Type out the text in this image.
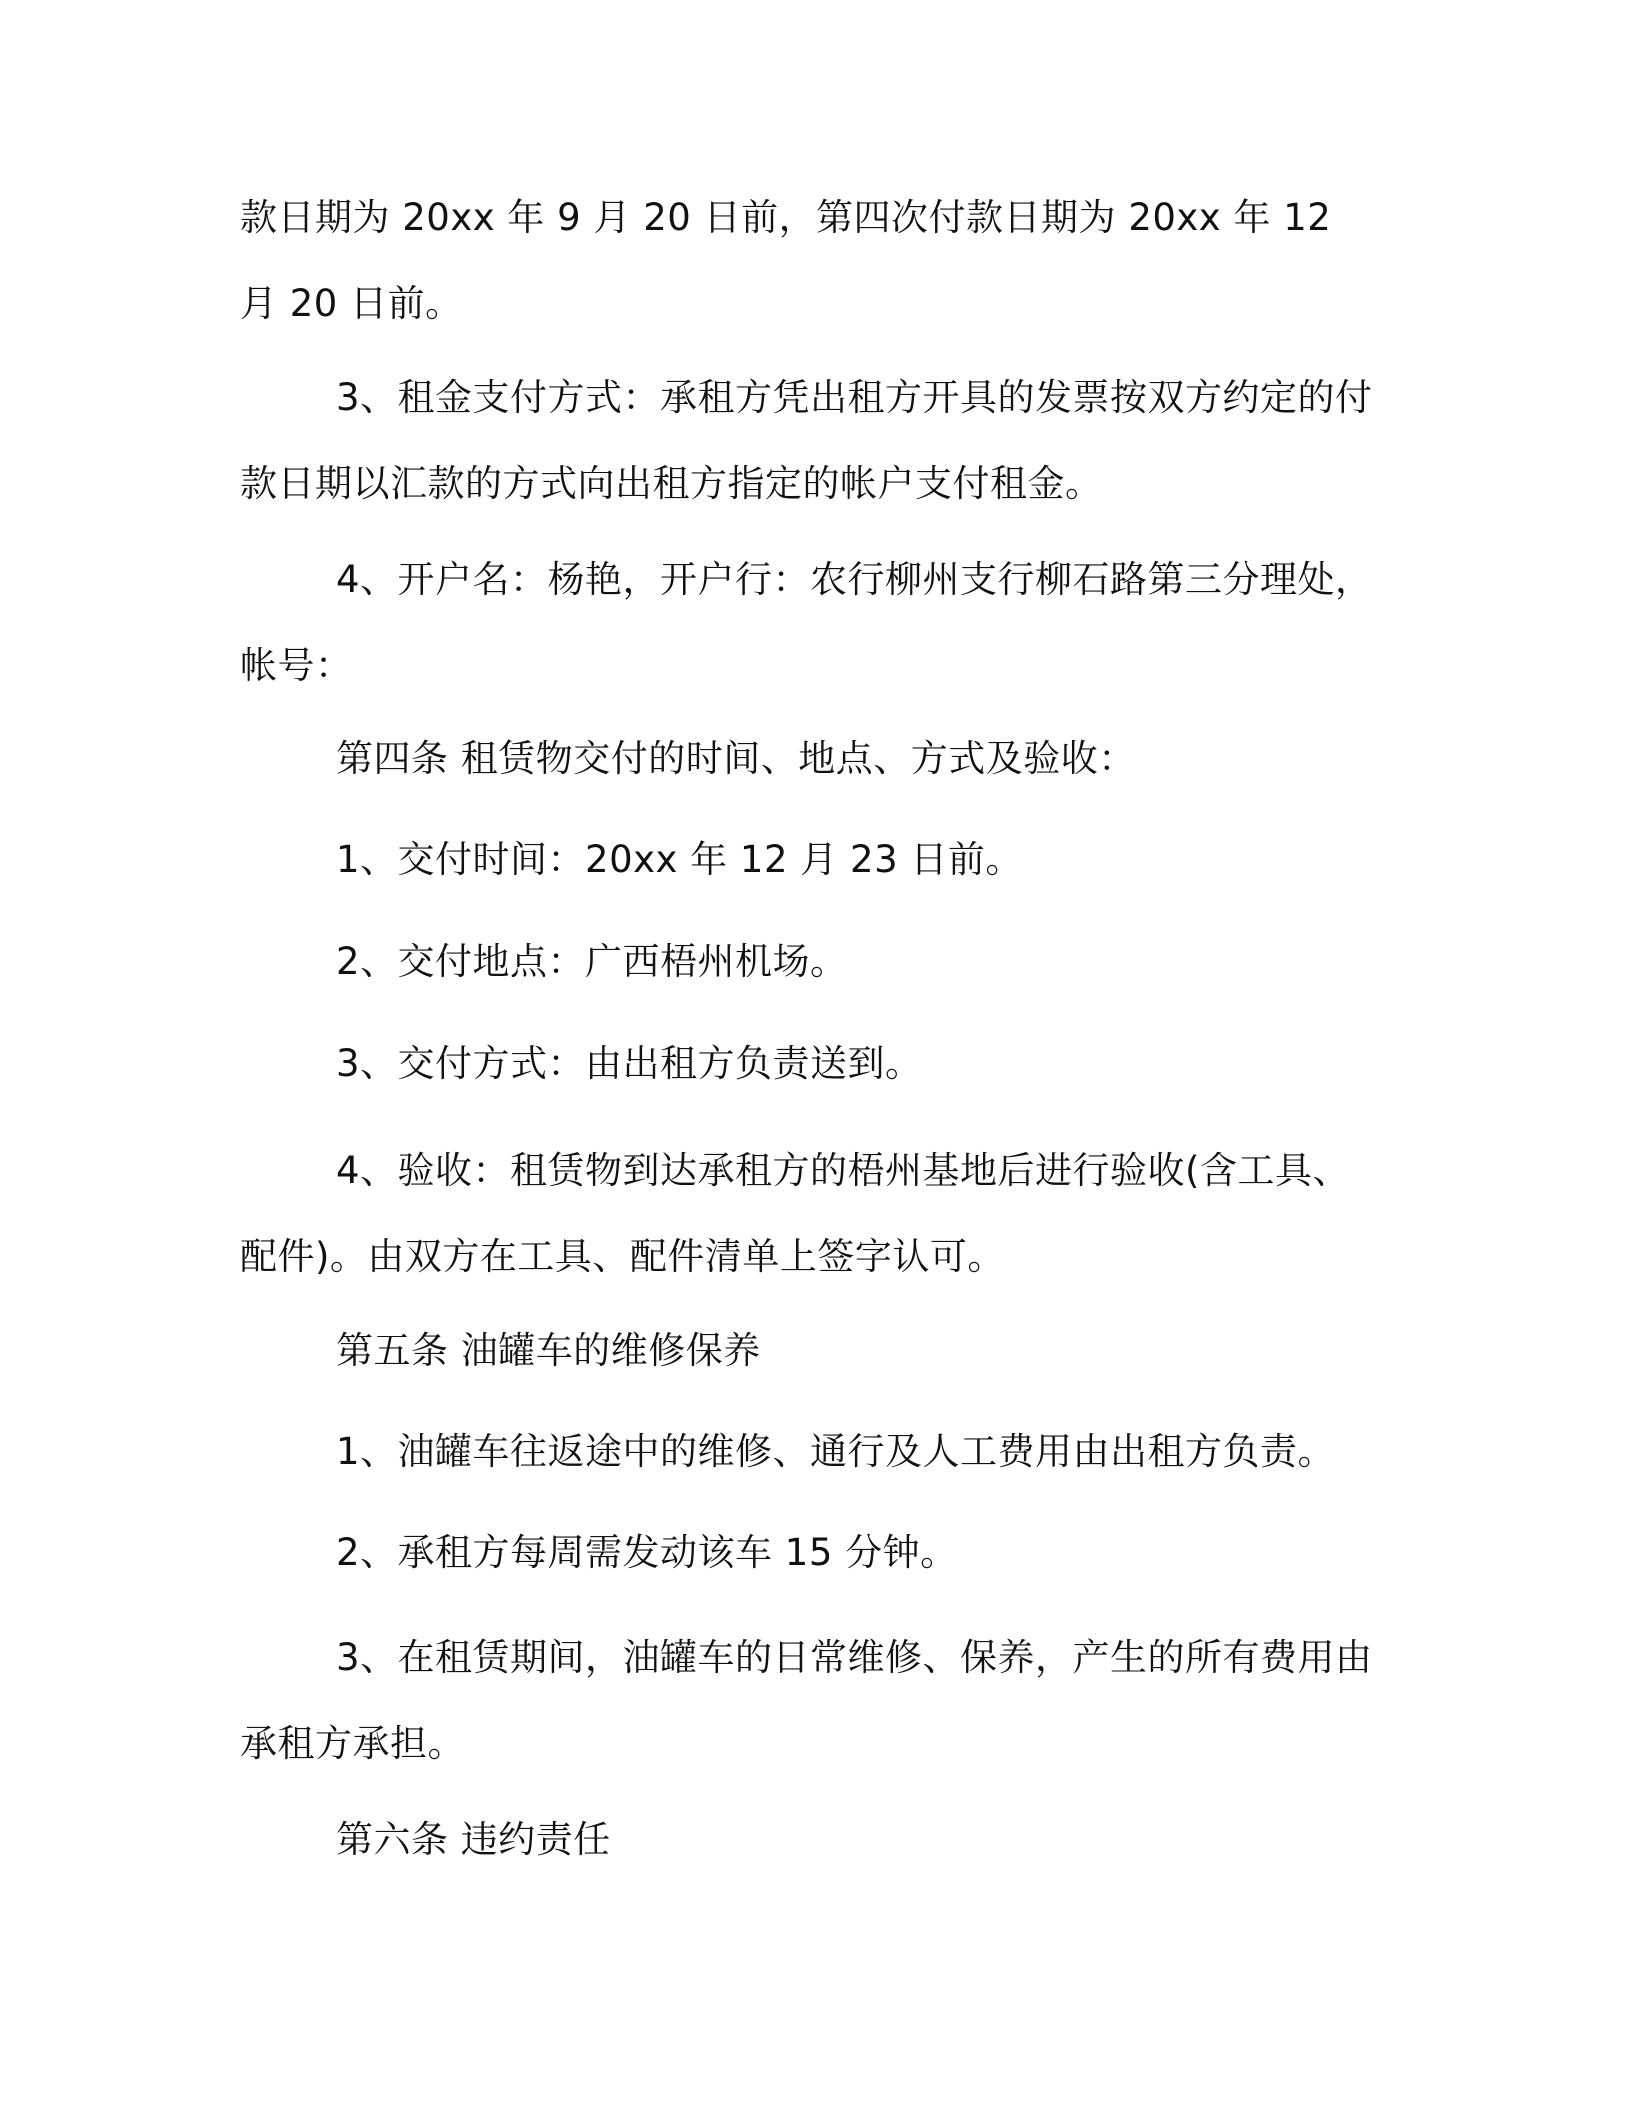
款日期为 20xx 年 9 月 20 日前，第四次付款日期为 20xx 年 12 月 20 日前。

3、租金支付方式：承租方凭出租方开具的发票按双方约定的付款日期以汇款的方式向出租方指定的帐户支付租金。

4、开户名：杨艳，开户行：农行柳州支行柳石路第三分理处，帐号：

第四条 租赁物交付的时间、地点、方式及验收：

1、交付时间：20xx 年 12 月 23 日前。

2、交付地点：广西梧州机场。

3、交付方式：由出租方负责送到。

4、验收：租赁物到达承租方的梧州基地后进行验收(含工具、配件)。由双方在工具、配件清单上签字认可。

第五条 油罐车的维修保养

1、油罐车往返途中的维修、通行及人工费用由出租方负责。

2、承租方每周需发动该车 15 分钟。

3、在租赁期间，油罐车的日常维修、保养，产生的所有费用由承租方承担。

第六条 违约责任
